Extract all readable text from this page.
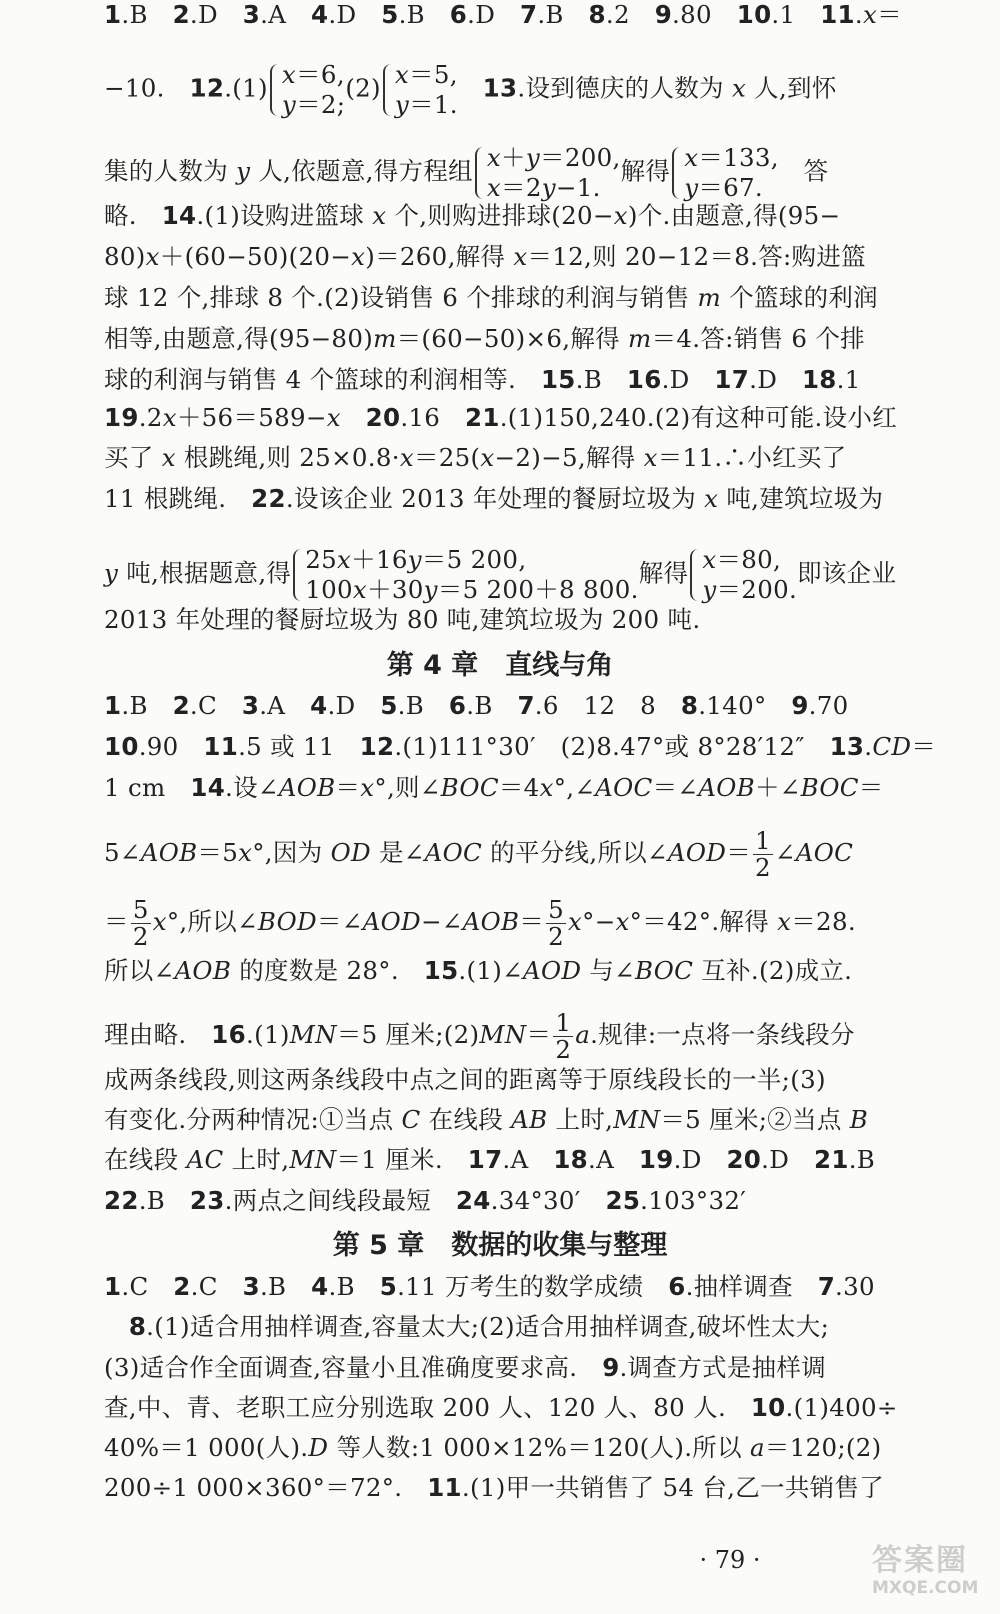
1.B　2.D　3.A　4.D　5.B　6.D　7.B　8.2　9.80　10.1　11.x＝
−10.　12.(1) x＝6,
y＝2;
(2) x＝5,
y＝1.
　13.设到德庆的人数为 x 人,到怀
集的人数为 y 人,依题意,得方程组 x＋y＝200,
x＝2y−1.
解得 x＝133,
y＝67.
　答
略.　14.(1)设购进篮球 x 个,则购进排球(20−x)个.由题意,得(95−
80)x＋(60−50)(20−x)＝260,解得 x＝12,则 20−12＝8.答:购进篮
球 12 个,排球 8 个.(2)设销售 6 个排球的利润与销售 m 个篮球的利润
相等,由题意,得(95−80)m＝(60−50)×6,解得 m＝4.答:销售 6 个排
球的利润与销售 4 个篮球的利润相等.　15.B　16.D　17.D　18.1
19.2x＋56＝589−x　 20.16　21.(1)150,240.(2)有这种可能.设小红
买了 x 根跳绳,则 25×0.8·x＝25(x−2)−5,解得 x＝11.∴小红买了
11 根跳绳.　22.设该企业 2013 年处理的餐厨垃圾为 x 吨,建筑垃圾为
y 吨,根据题意,得 25x＋16y＝5 200,
100x＋30y＝5 200＋8 800.
解得 x＝80,
y＝200.
即该企业
2013 年处理的餐厨垃圾为 80 吨,建筑垃圾为 200 吨.
第 4 章　直线与角
1.B　2.C　3.A　4.D　5.B　6.B　7.6　12　8　8.140°　9.70
10.90　11.5 或 11　12.(1)111°30′　(2)8.47°或 8°28′12″　13.CD＝
1 cm　14.设∠AOB＝x°,则∠BOC＝4x°,∠AOC＝∠AOB＋∠BOC＝
5∠AOB＝5x°,因为 OD 是∠AOC 的平分线,所以∠AOD＝ $\frac{1}{2}$ ∠AOC
＝ $\frac{5}{2} x^\circ$,所以∠BOD＝∠AOD−∠AOB＝ $\frac{5}{2} x^\circ-x^\circ=42^\circ$.解得 x＝28.
所以∠AOB 的度数是 28°.　15.(1)∠AOD 与∠BOC 互补.(2)成立.
理由略.　16.(1)MN＝5 厘米;(2)MN＝ $\frac{1}{2} a$.规律:一点将一条线段分
成两条线段,则这两条线段中点之间的距离等于原线段长的一半;(3)
有变化.分两种情况:①当点 C 在线段 AB 上时,MN＝5 厘米;②当点 B
在线段 AC 上时,MN＝1 厘米.　17.A　18.A　19.D　20.D　21.B
22.B　23.两点之间线段最短　24.34°30′　25.103°32′
第 5 章　数据的收集与整理
1.C　2.C　3.B　4.B　5.11 万考生的数学成绩　6.抽样调查　7.30
　8.(1)适合用抽样调查,容量太大;(2)适合用抽样调查,破坏性太大;
(3)适合作全面调查,容量小且准确度要求高.　9.调查方式是抽样调
查,中、青、老职工应分别选取 200 人、120 人、80 人.　10.(1)400÷
40%＝1 000(人).D 等人数:1 000×12%＝120(人).所以 a＝120;(2)
200÷1 000×360°＝72°.　11.(1)甲一共销售了 54 台,乙一共销售了
· 79 ·	答案圈
MXQE.COM
